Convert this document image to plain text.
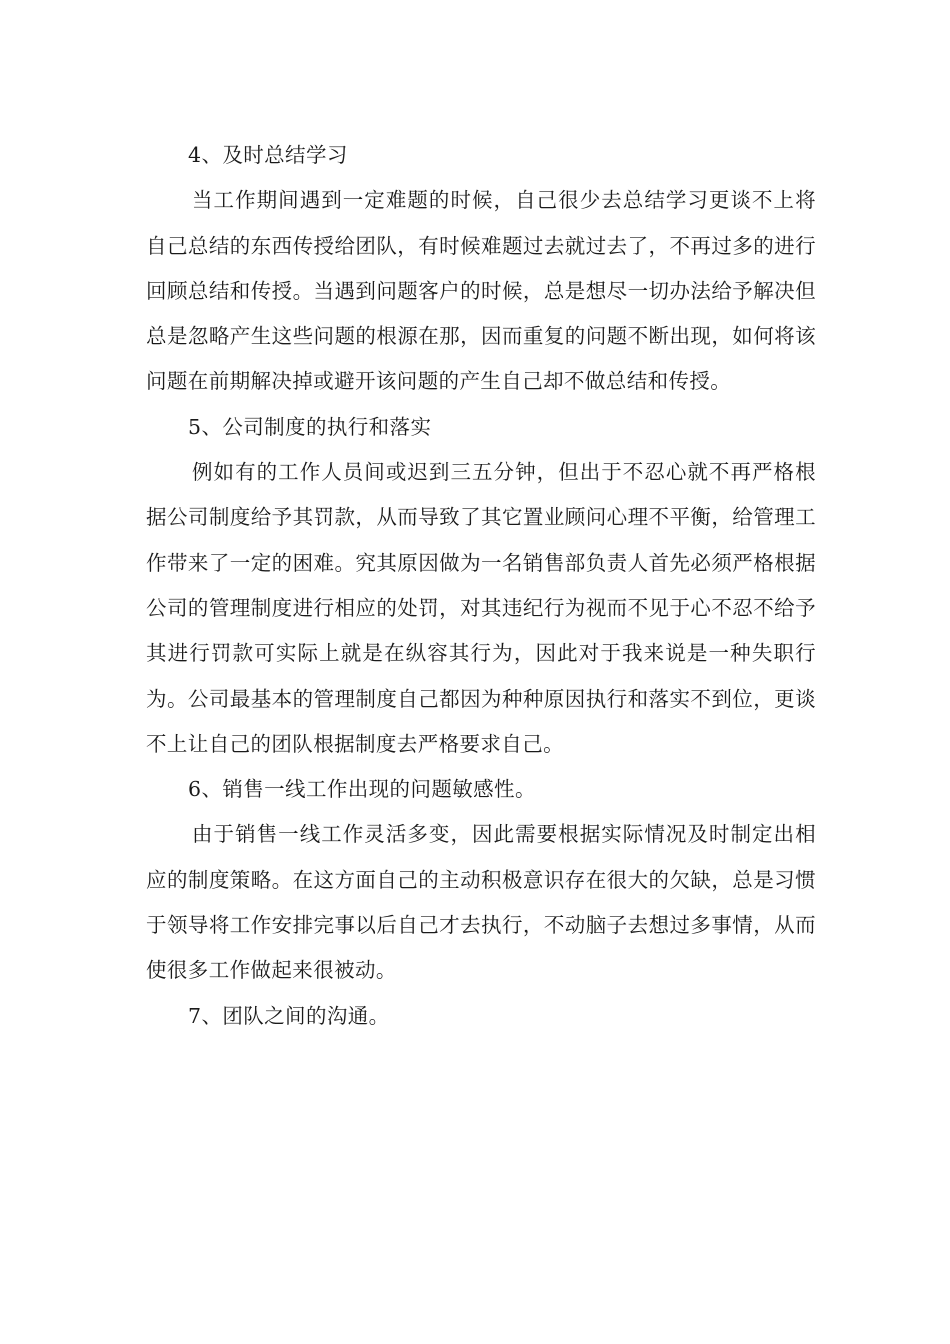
4、及时总结学习

当工作期间遇到一定难题的时候，自己很少去总结学习更谈不上将自己总结的东西传授给团队，有时候难题过去就过去了，不再过多的进行回顾总结和传授。当遇到问题客户的时候，总是想尽一切办法给予解决但总是忽略产生这些问题的根源在那，因而重复的问题不断出现，如何将该问题在前期解决掉或避开该问题的产生自己却不做总结和传授。

5、公司制度的执行和落实

例如有的工作人员间或迟到三五分钟，但出于不忍心就不再严格根据公司制度给予其罚款，从而导致了其它置业顾问心理不平衡，给管理工作带来了一定的困难。究其原因做为一名销售部负责人首先必须严格根据公司的管理制度进行相应的处罚，对其违纪行为视而不见于心不忍不给予其进行罚款可实际上就是在纵容其行为，因此对于我来说是一种失职行为。公司最基本的管理制度自己都因为种种原因执行和落实不到位，更谈不上让自己的团队根据制度去严格要求自己。

6、销售一线工作出现的问题敏感性。

由于销售一线工作灵活多变，因此需要根据实际情况及时制定出相应的制度策略。在这方面自己的主动积极意识存在很大的欠缺，总是习惯于领导将工作安排完事以后自己才去执行，不动脑子去想过多事情，从而使很多工作做起来很被动。

7、团队之间的沟通。
